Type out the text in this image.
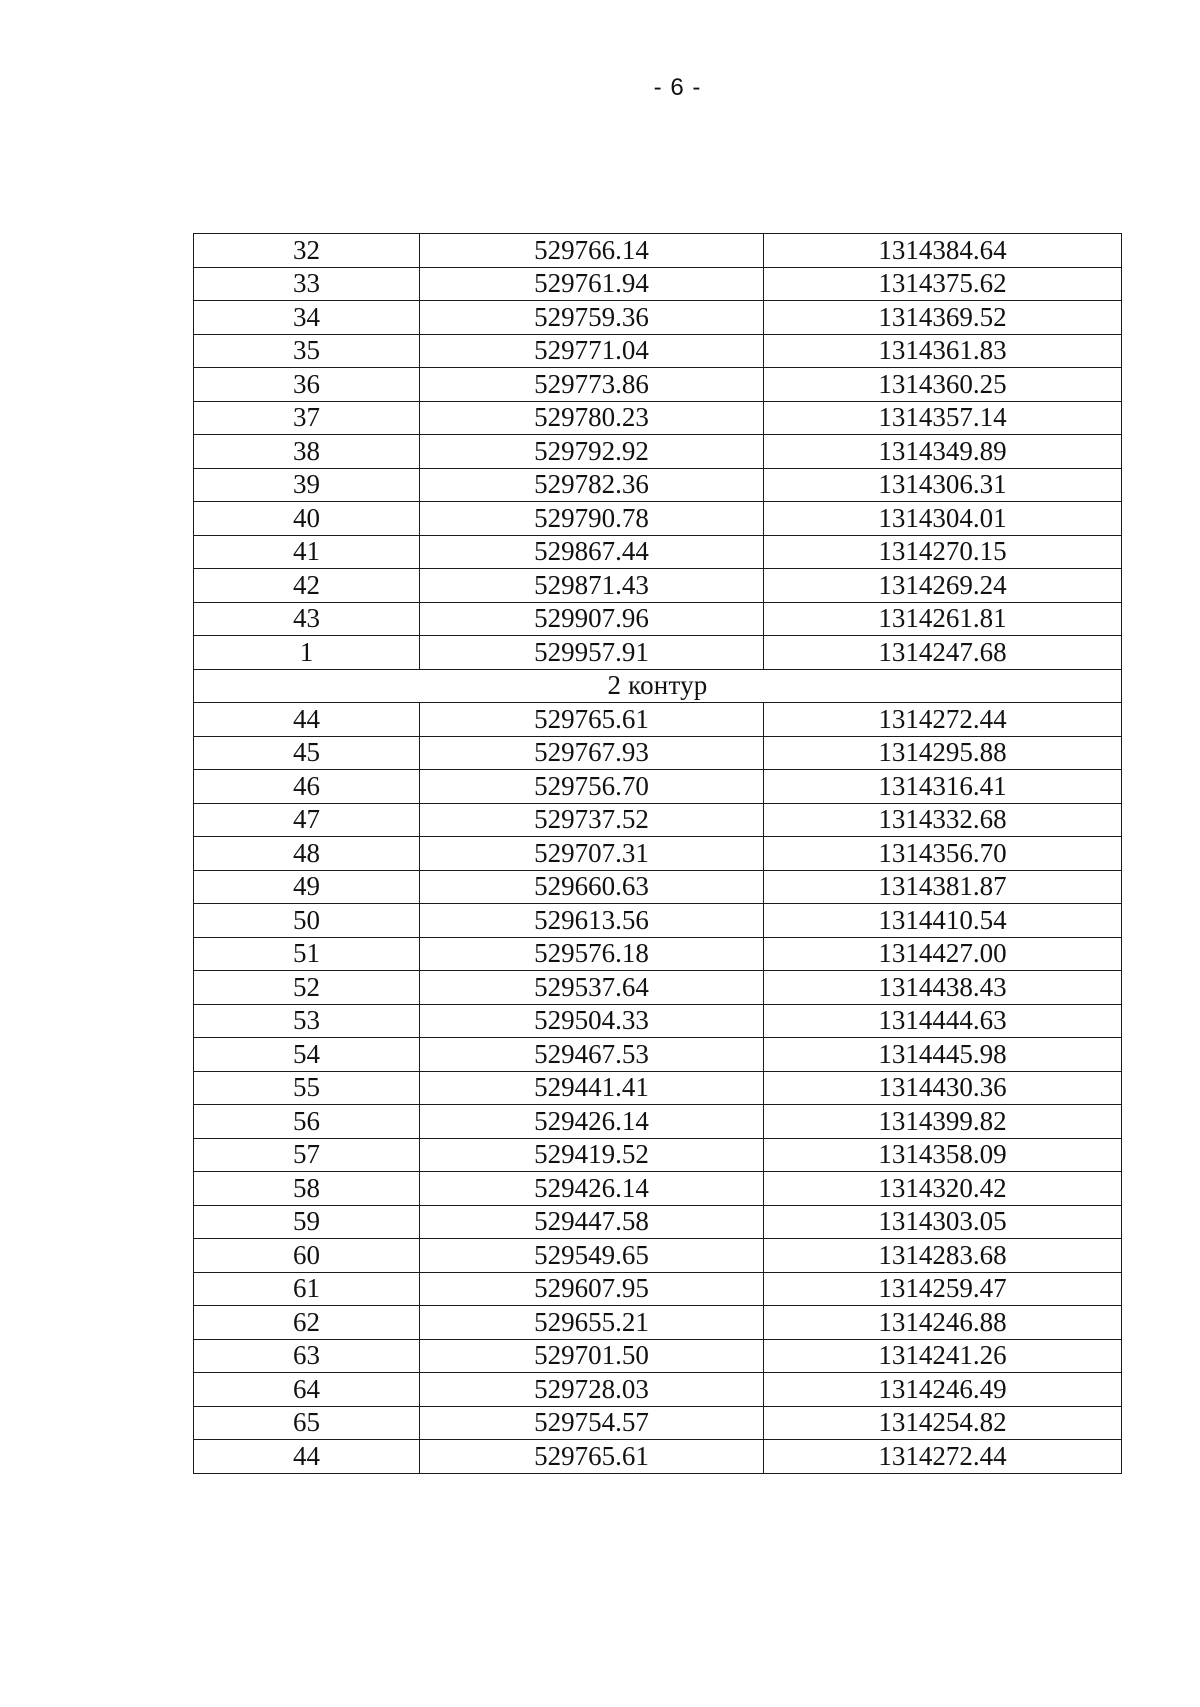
- 6 -
32	529766.14	1314384.64
33	529761.94	1314375.62
34	529759.36	1314369.52
35	529771.04	1314361.83
36	529773.86	1314360.25
37	529780.23	1314357.14
38	529792.92	1314349.89
39	529782.36	1314306.31
40	529790.78	1314304.01
41	529867.44	1314270.15
42	529871.43	1314269.24
43	529907.96	1314261.81
1	529957.91	1314247.68
2 контур		
44	529765.61	1314272.44
45	529767.93	1314295.88
46	529756.70	1314316.41
47	529737.52	1314332.68
48	529707.31	1314356.70
49	529660.63	1314381.87
50	529613.56	1314410.54
51	529576.18	1314427.00
52	529537.64	1314438.43
53	529504.33	1314444.63
54	529467.53	1314445.98
55	529441.41	1314430.36
56	529426.14	1314399.82
57	529419.52	1314358.09
58	529426.14	1314320.42
59	529447.58	1314303.05
60	529549.65	1314283.68
61	529607.95	1314259.47
62	529655.21	1314246.88
63	529701.50	1314241.26
64	529728.03	1314246.49
65	529754.57	1314254.82
44	529765.61	1314272.44
